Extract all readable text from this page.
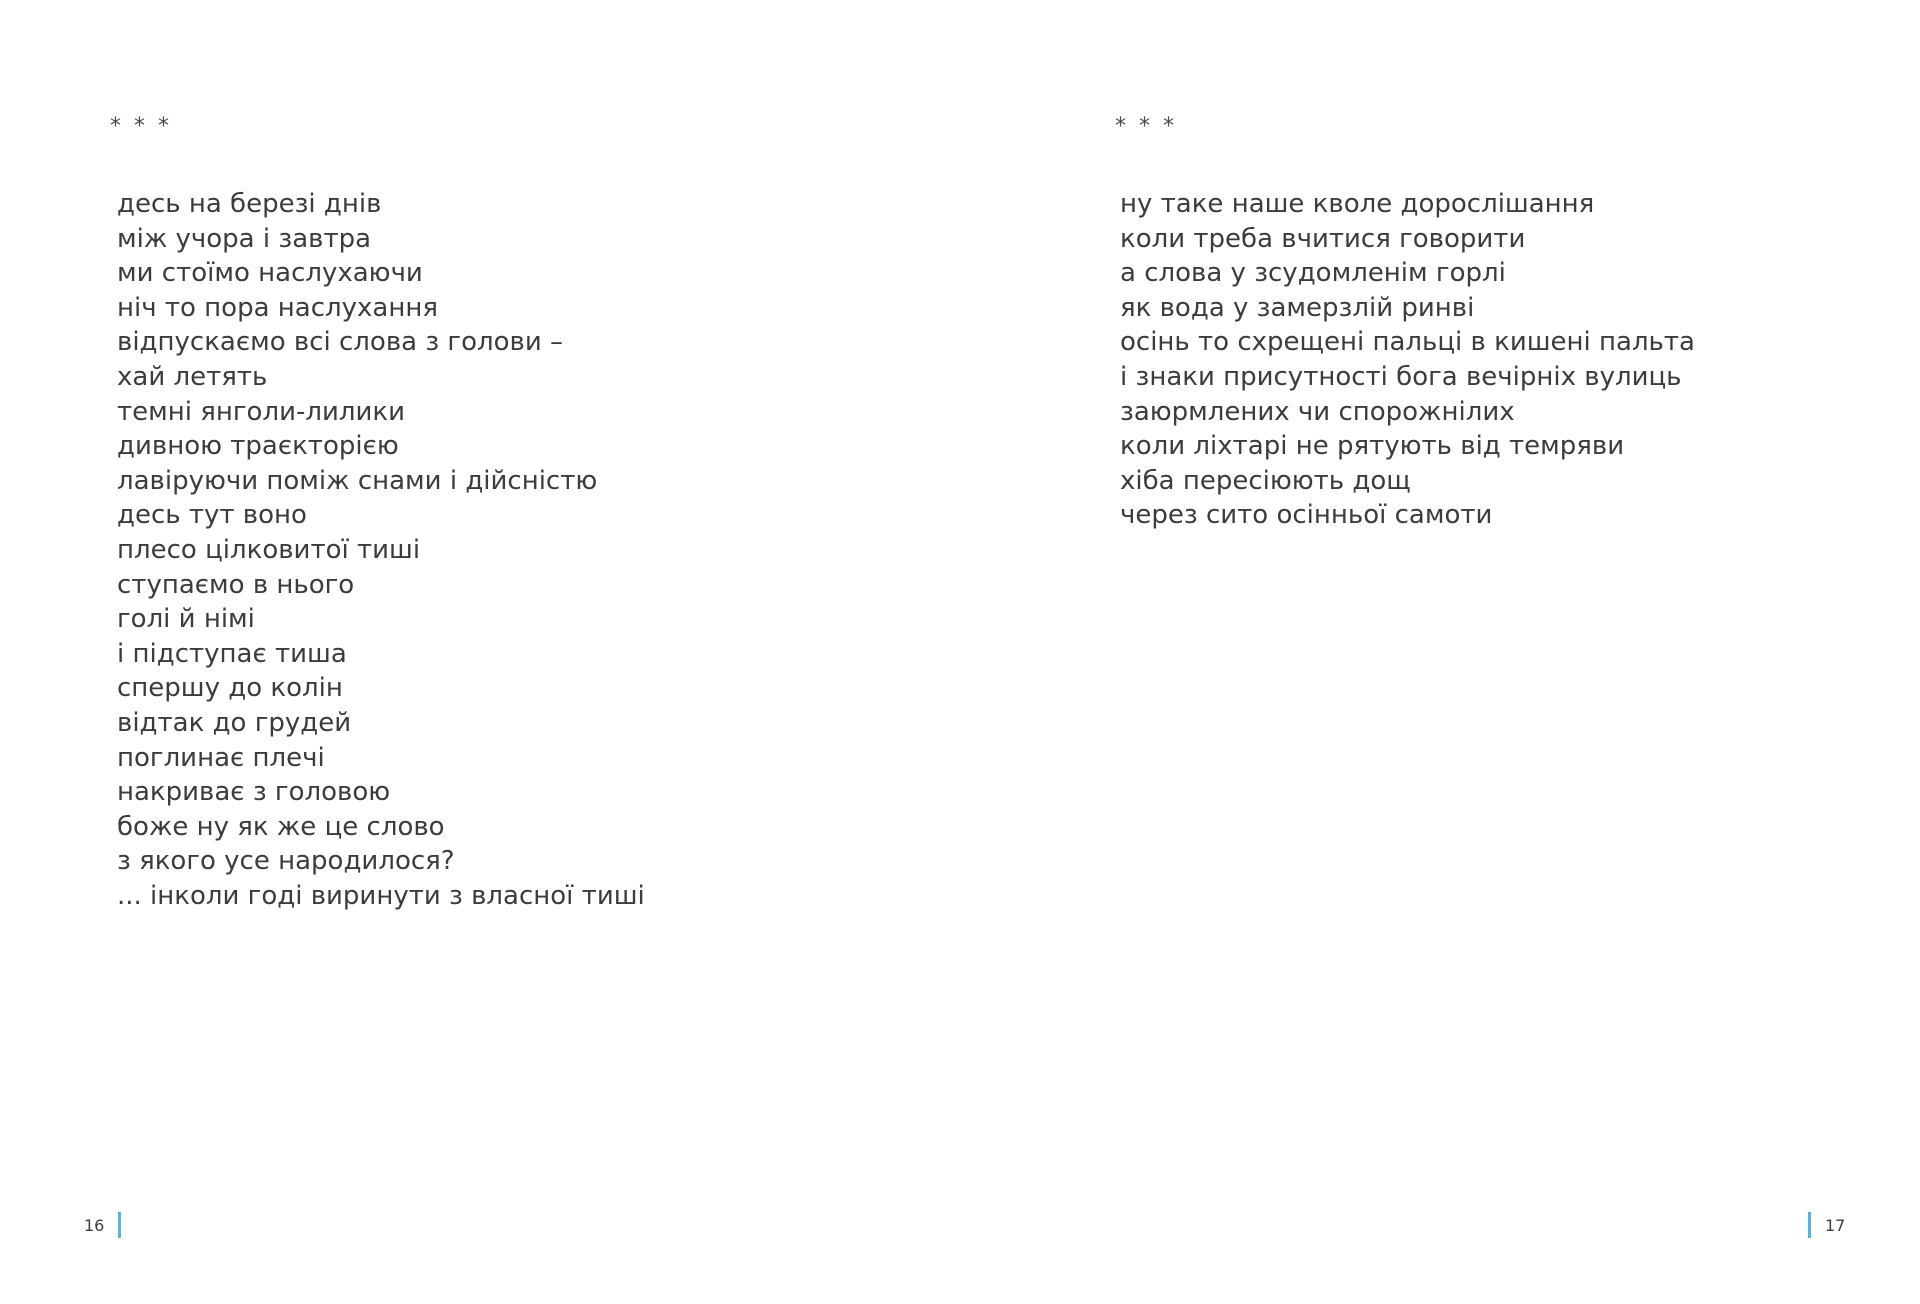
* * *

десь на березі днів
між учора і завтра
ми стоїмо наслухаючи
ніч то пора наслухання
відпускаємо всі слова з голови –
хай летять
темні янголи-лилики
дивною траєкторією
лавіруючи поміж снами і дійсністю
десь тут воно
плесо цілковитої тиші
ступаємо в нього
голі й німі
і підступає тиша
спершу до колін
відтак до грудей
поглинає плечі
накриває з головою
боже ну як же це слово
з якого усе народилося?
... інколи годі виринути з власної тиші
16

* * *

ну таке наше кволе дорослішання
коли треба вчитися говорити
а слова у зсудомленім горлі
як вода у замерзлій ринві
осінь то схрещені пальці в кишені пальта
і знаки присутності бога вечірніх вулиць
заюрмлених чи спорожнілих
коли ліхтарі не рятують від темряви
хіба пересіюють дощ
через сито осінньої самоти
17
